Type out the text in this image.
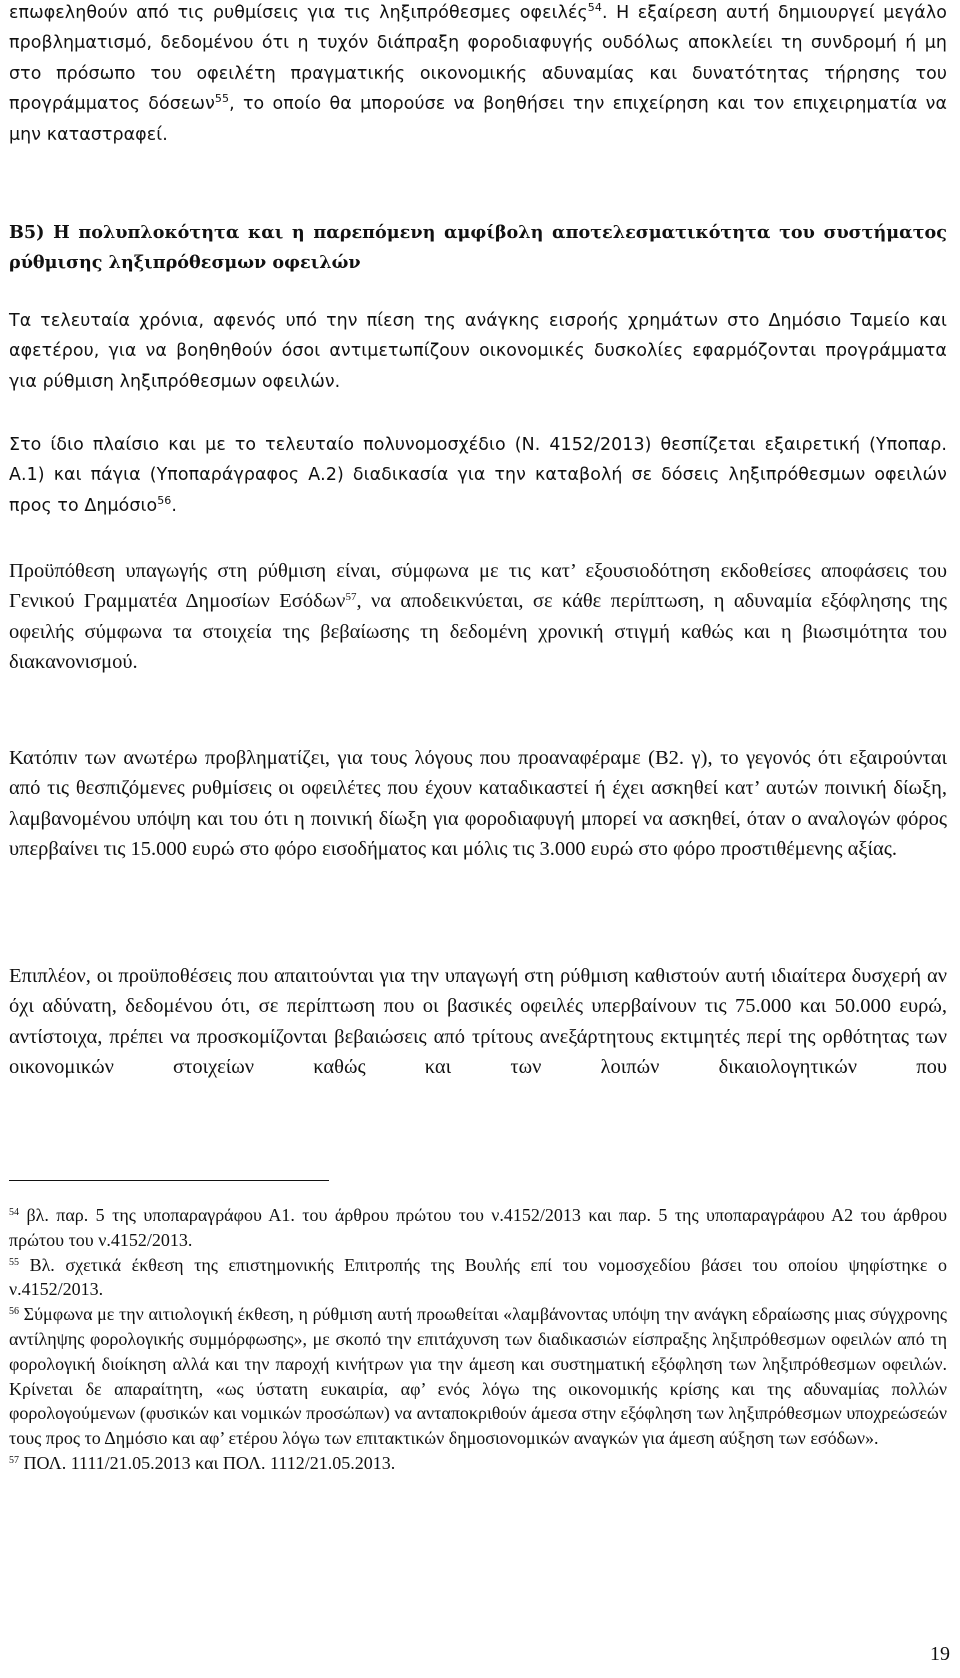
επωφεληθούν από τις ρυθμίσεις για τις ληξιπρόθεσμες οφειλές$^{54}$. Η εξαίρεση αυτή δημιουργεί μεγάλο προβληματισμό, δεδομένου ότι η τυχόν διάπραξη φοροδιαφυγής ουδόλως αποκλείει τη συνδρομή ή μη στο πρόσωπο του οφειλέτη πραγματικής οικονομικής αδυναμίας και δυνατότητας τήρησης του προγράμματος δόσεων$^{55}$, το οποίο θα μπορούσε να βοηθήσει την επιχείρηση και τον επιχειρηματία να μην καταστραφεί.

Β5) Η πολυπλοκότητα και η παρεπόμενη αμφίβολη αποτελεσματικότητα του συστήματος ρύθμισης ληξιπρόθεσμων οφειλών

Τα τελευταία χρόνια, αφενός υπό την πίεση της ανάγκης εισροής χρημάτων στο Δημόσιο Ταμείο και αφετέρου, για να βοηθηθούν όσοι αντιμετωπίζουν οικονομικές δυσκολίες εφαρμόζονται προγράμματα για ρύθμιση ληξιπρόθεσμων οφειλών.

Στο ίδιο πλαίσιο και με το τελευταίο πολυνομοσχέδιο (Ν. 4152/2013) θεσπίζεται εξαιρετική (Υποπαρ. Α.1) και πάγια (Υποπαράγραφος Α.2) διαδικασία για την καταβολή σε δόσεις ληξιπρόθεσμων οφειλών προς το Δημόσιο$^{56}$.

Προϋπόθεση υπαγωγής στη ρύθμιση είναι, σύμφωνα με τις κατ’ εξουσιοδότηση εκδοθείσες αποφάσεις του Γενικού Γραμματέα Δημοσίων Εσόδων$^{57}$, να αποδεικνύεται, σε κάθε περίπτωση, η αδυναμία εξόφλησης της οφειλής σύμφωνα τα στοιχεία της βεβαίωσης τη δεδομένη χρονική στιγμή καθώς και η βιωσιμότητα του διακανονισμού.

Κατόπιν των ανωτέρω προβληματίζει, για τους λόγους που προαναφέραμε (Β2. γ), το γεγονός ότι εξαιρούνται από τις θεσπιζόμενες ρυθμίσεις οι οφειλέτες που έχουν καταδικαστεί ή έχει ασκηθεί κατ’ αυτών ποινική δίωξη, λαμβανομένου υπόψη και του ότι η ποινική δίωξη για φοροδιαφυγή μπορεί να ασκηθεί, όταν ο αναλογών φόρος υπερβαίνει τις 15.000 ευρώ στο φόρο εισοδήματος και μόλις τις 3.000 ευρώ στο φόρο προστιθέμενης αξίας.

Επιπλέον, οι προϋποθέσεις που απαιτούνται για την υπαγωγή στη ρύθμιση καθιστούν αυτή ιδιαίτερα δυσχερή αν όχι αδύνατη, δεδομένου ότι, σε περίπτωση που οι βασικές οφειλές υπερβαίνουν τις 75.000 και 50.000 ευρώ, αντίστοιχα, πρέπει να προσκομίζονται βεβαιώσεις από τρίτους ανεξάρτητους εκτιμητές περί της ορθότητας των οικονομικών στοιχείων καθώς και των λοιπών δικαιολογητικών που

$^{54}$ βλ. παρ. 5 της υποπαραγράφου Α1. του άρθρου πρώτου του ν.4152/2013 και παρ. 5 της υποπαραγράφου Α2 του άρθρου πρώτου του ν.4152/2013.

$^{55}$ Βλ. σχετικά έκθεση της επιστημονικής Επιτροπής της Βουλής επί του νομοσχεδίου βάσει του οποίου ψηφίστηκε ο ν.4152/2013.

$^{56}$ Σύμφωνα με την αιτιολογική έκθεση, η ρύθμιση αυτή προωθείται «λαμβάνοντας υπόψη την ανάγκη εδραίωσης μιας σύγχρονης αντίληψης φορολογικής συμμόρφωσης», με σκοπό την επιτάχυνση των διαδικασιών είσπραξης ληξιπρόθεσμων οφειλών από τη φορολογική διοίκηση αλλά και την παροχή κινήτρων για την άμεση και συστηματική εξόφληση των ληξιπρόθεσμων οφειλών. Κρίνεται δε απαραίτητη, «ως ύστατη ευκαιρία, αφ’ ενός λόγω της οικονομικής κρίσης και της αδυναμίας πολλών φορολογούμενων (φυσικών και νομικών προσώπων) να ανταποκριθούν άμεσα στην εξόφληση των ληξιπρόθεσμων υποχρεώσεών τους προς το Δημόσιο και αφ’ ετέρου λόγω των επιτακτικών δημοσιονομικών αναγκών για άμεση αύξηση των εσόδων».

$^{57}$ ΠΟΛ. 1111/21.05.2013 και ΠΟΛ. 1112/21.05.2013.

19
